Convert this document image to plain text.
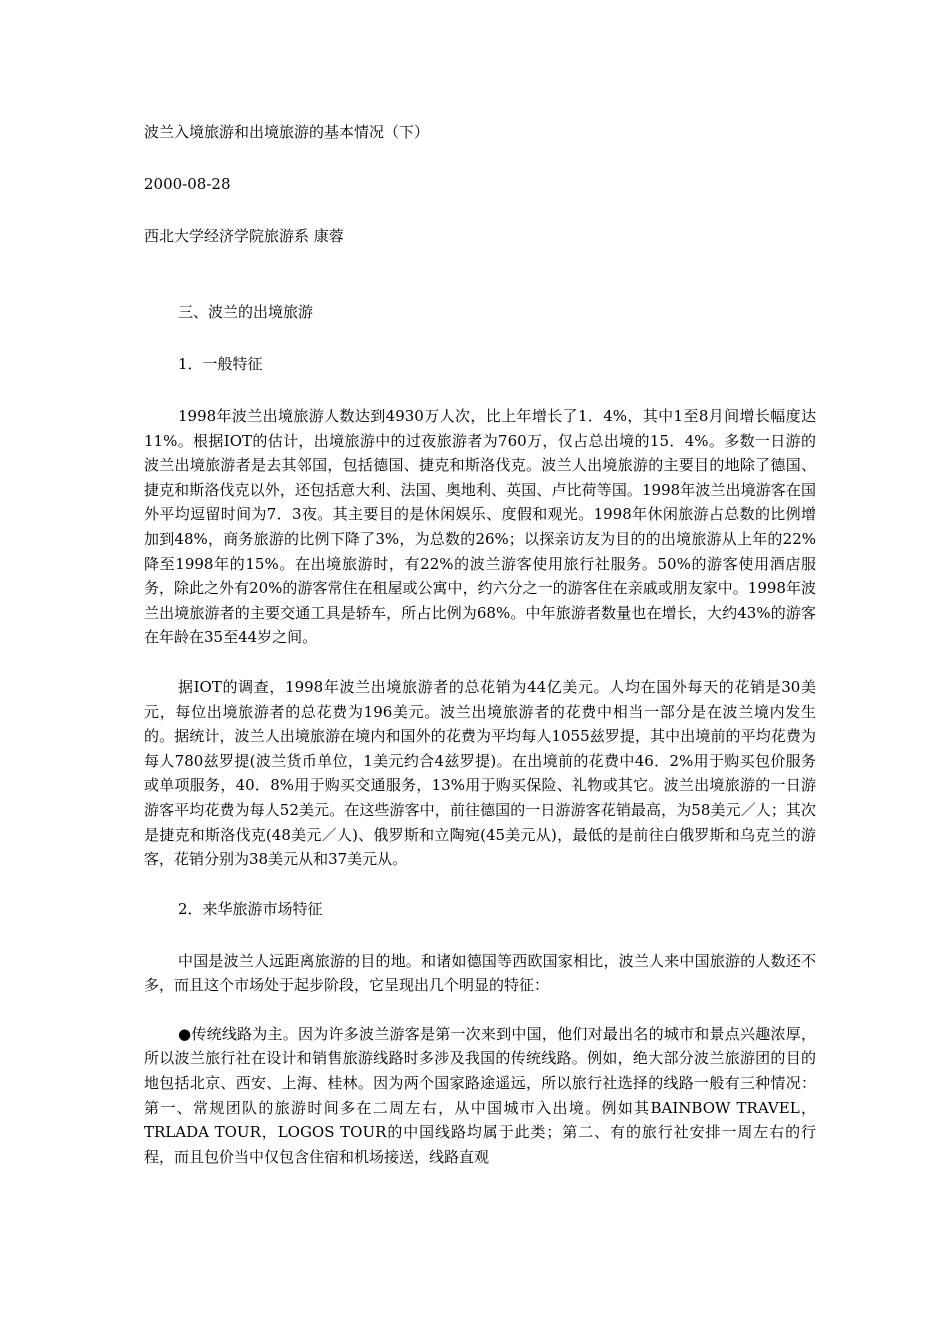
波兰入境旅游和出境旅游的基本情况（下）

2000-08-28

西北大学经济学院旅游系 康蓉

三、波兰的出境旅游

1．一般特征

1998年波兰出境旅游人数达到4930万人次，比上年增长了1．4%，其中1至8月间增长幅度达11%。根据IOT的估计，出境旅游中的过夜旅游者为760万，仅占总出境的15．4%。多数一日游的波兰出境旅游者是去其邻国，包括德国、捷克和斯洛伐克。波兰人出境旅游的主要目的地除了德国、捷克和斯洛伐克以外，还包括意大利、法国、奥地利、英国、卢比荷等国。1998年波兰出境游客在国外平均逗留时间为7．3夜。其主要目的是休闲娱乐、度假和观光。1998年休闲旅游占总数的比例增加到48%，商务旅游的比例下降了3%，为总数的26%；以探亲访友为目的的出境旅游从上年的22%降至1998年的15%。在出境旅游时，有22%的波兰游客使用旅行社服务。50%的游客使用酒店服务，除此之外有20%的游客常住在租屋或公寓中，约六分之一的游客住在亲戚或朋友家中。1998年波兰出境旅游者的主要交通工具是轿车，所占比例为68%。中年旅游者数量也在增长，大约43%的游客在年龄在35至44岁之间。

据IOT的调查，1998年波兰出境旅游者的总花销为44亿美元。人均在国外每天的花销是30美元，每位出境旅游者的总花费为196美元。波兰出境旅游者的花费中相当一部分是在波兰境内发生的。据统计，波兰人出境旅游在境内和国外的花费为平均每人1055兹罗提，其中出境前的平均花费为每人780兹罗提(波兰货币单位，1美元约合4兹罗提)。在出境前的花费中46．2%用于购买包价服务或单项服务，40．8%用于购买交通服务，13%用于购买保险、礼物或其它。波兰出境旅游的一日游游客平均花费为每人52美元。在这些游客中，前往德国的一日游游客花销最高，为58美元／人；其次是捷克和斯洛伐克(48美元／人)、俄罗斯和立陶宛(45美元从)，最低的是前往白俄罗斯和乌克兰的游客，花销分别为38美元从和37美元从。

2．来华旅游市场特征

中国是波兰人远距离旅游的目的地。和诸如德国等西欧国家相比，波兰人来中国旅游的人数还不多，而且这个市场处于起步阶段，它呈现出几个明显的特征：

●传统线路为主。因为许多波兰游客是第一次来到中国，他们对最出名的城市和景点兴趣浓厚，所以波兰旅行社在设计和销售旅游线路时多涉及我国的传统线路。例如，绝大部分波兰旅游团的目的地包括北京、西安、上海、桂林。因为两个国家路途遥远，所以旅行社选择的线路一般有三种情况：第一、常规团队的旅游时间多在二周左右，从中国城市入出境。例如其BAINBOW TRAVEL，TRLADA TOUR，LOGOS TOUR的中国线路均属于此类；第二、有的旅行社安排一周左右的行程，而且包价当中仅包含住宿和机场接送，线路直观
